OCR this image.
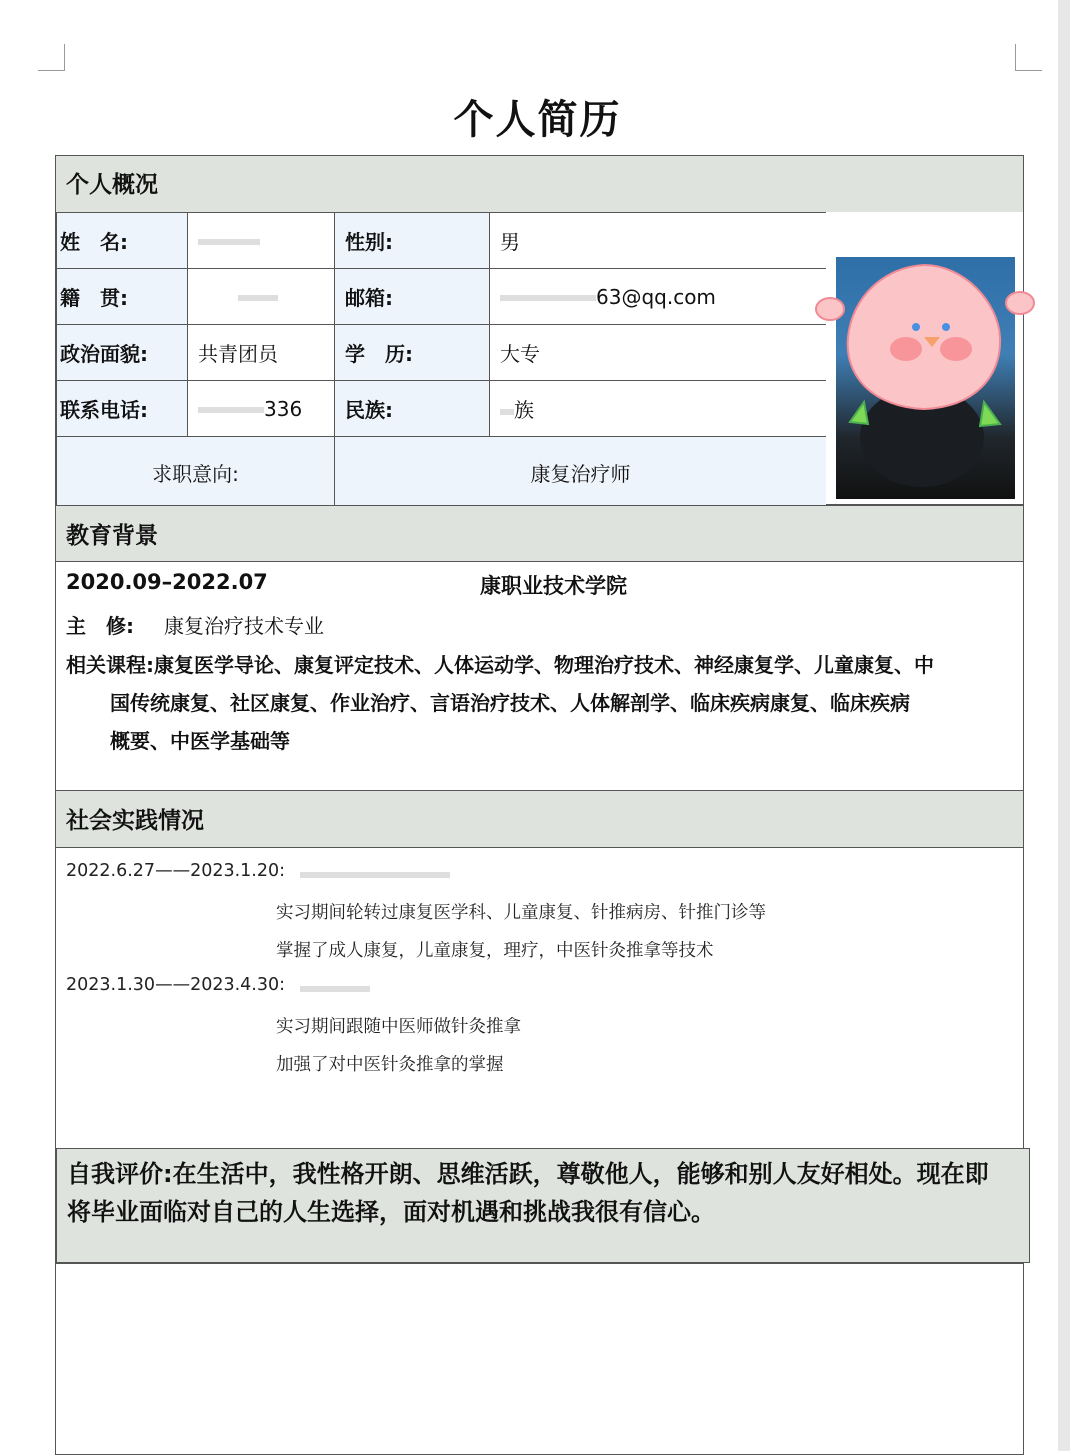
个人简历
个人概况
姓　名:		性别:	男
籍　贯:		邮箱:	63@qq.com
政治面貌:	共青团员	学　历:	大专
联系电话:	336	民族:	族
求职意向:		康复治疗师	
教育背景
2020.09–2022.07	康职业技术学院
主　修: 康复治疗技术专业
相关课程:康复医学导论、康复评定技术、人体运动学、物理治疗技术、神经康复学、儿童康复、中
国传统康复、社区康复、作业治疗、言语治疗技术、人体解剖学、临床疾病康复、临床疾病
概要、中医学基础等
社会实践情况
2022.6.27——2023.1.20:
实习期间轮转过康复医学科、儿童康复、针推病房、针推门诊等
掌握了成人康复，儿童康复，理疗，中医针灸推拿等技术
2023.1.30——2023.4.30:
实习期间跟随中医师做针灸推拿
加强了对中医针灸推拿的掌握
自我评价:在生活中，我性格开朗、思维活跃，尊敬他人，能够和别人友好相处。现在即
将毕业面临对自己的人生选择，面对机遇和挑战我很有信心。
